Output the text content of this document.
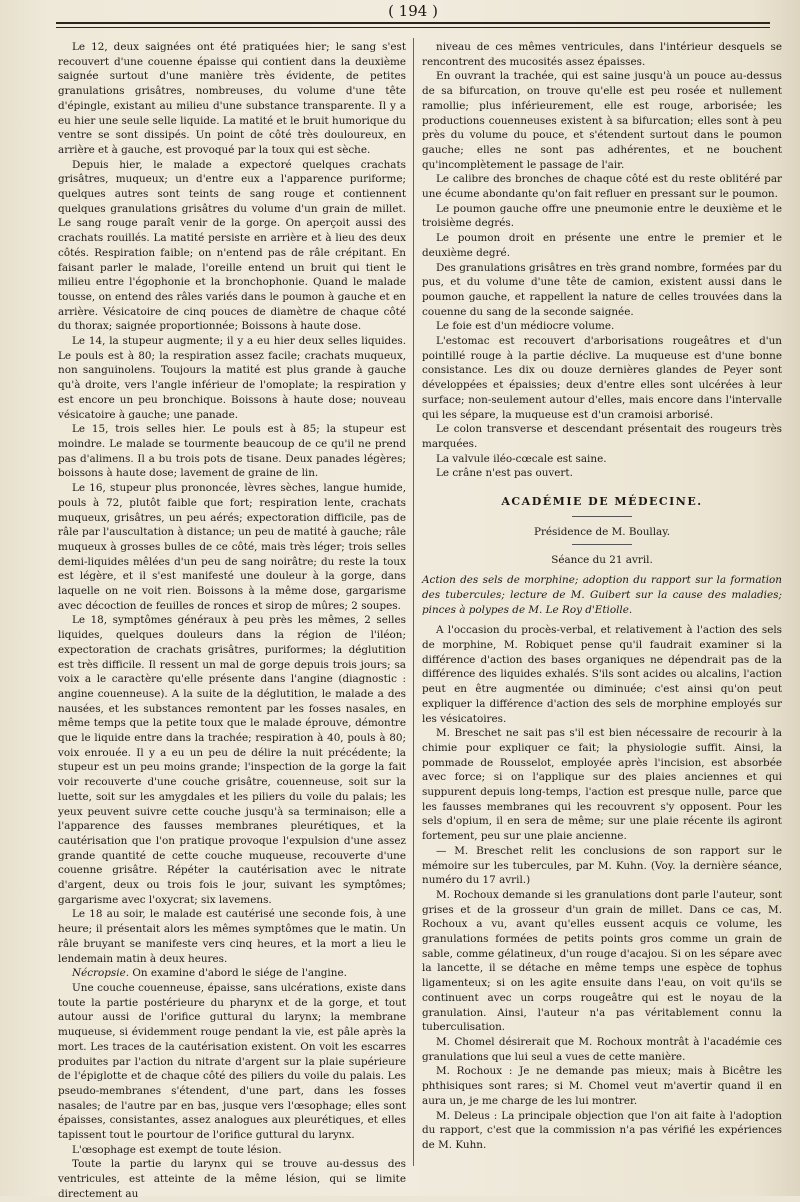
( 194 )

Le 12, deux saignées ont été pratiquées hier; le sang s'est recouvert d'une couenne épaisse qui contient dans la deuxième saignée surtout d'une manière très évidente, de petites granulations grisâtres, nombreuses, du volume d'une tête d'épingle, existant au milieu d'une substance transparente. Il y a eu hier une seule selle liquide. La matité et le bruit humorique du ventre se sont dissipés. Un point de côté très douloureux, en arrière et à gauche, est provoqué par la toux qui est sèche.

Depuis hier, le malade a expectoré quelques crachats grisâtres, muqueux; un d'entre eux a l'apparence puriforme; quelques autres sont teints de sang rouge et contiennent quelques granulations grisâtres du volume d'un grain de millet. Le sang rouge paraît venir de la gorge. On aperçoit aussi des crachats rouillés. La matité persiste en arrière et à lieu des deux côtés. Respiration faible; on n'entend pas de râle crépitant. En faisant parler le malade, l'oreille entend un bruit qui tient le milieu entre l'égophonie et la bronchophonie. Quand le malade tousse, on entend des râles variés dans le poumon à gauche et en arrière. Vésicatoire de cinq pouces de diamètre de chaque côté du thorax; saignée proportionnée; Boissons à haute dose.

Le 14, la stupeur augmente; il y a eu hier deux selles liquides. Le pouls est à 80; la respiration assez facile; crachats muqueux, non sanguinolens. Toujours la matité est plus grande à gauche qu'à droite, vers l'angle inférieur de l'omoplate; la respiration y est encore un peu bronchique. Boissons à haute dose; nouveau vésicatoire à gauche; une panade.

Le 15, trois selles hier. Le pouls est à 85; la stupeur est moindre. Le malade se tourmente beaucoup de ce qu'il ne prend pas d'alimens. Il a bu trois pots de tisane. Deux panades légères; boissons à haute dose; lavement de graine de lin.

Le 16, stupeur plus prononcée, lèvres sèches, langue humide, pouls à 72, plutôt faible que fort; respiration lente, crachats muqueux, grisâtres, un peu aérés; expectoration difficile, pas de râle par l'auscultation à distance; un peu de matité à gauche; râle muqueux à grosses bulles de ce côté, mais très léger; trois selles demi-liquides mêlées d'un peu de sang noirâtre; du reste la toux est légère, et il s'est manifesté une douleur à la gorge, dans laquelle on ne voit rien. Boissons à la même dose, gargarisme avec décoction de feuilles de ronces et sirop de mûres; 2 soupes.

Le 18, symptômes généraux à peu près les mêmes, 2 selles liquides, quelques douleurs dans la région de l'iléon; expectoration de crachats grisâtres, puriformes; la déglutition est très difficile. Il ressent un mal de gorge depuis trois jours; sa voix a le caractère qu'elle présente dans l'angine (diagnostic : angine couenneuse). A la suite de la déglutition, le malade a des nausées, et les substances remontent par les fosses nasales, en même temps que la petite toux que le malade éprouve, démontre que le liquide entre dans la trachée; respiration à 40, pouls à 80; voix enrouée. Il y a eu un peu de délire la nuit précédente; la stupeur est un peu moins grande; l'inspection de la gorge la fait voir recouverte d'une couche grisâtre, couenneuse, soit sur la luette, soit sur les amygdales et les piliers du voile du palais; les yeux peuvent suivre cette couche jusqu'à sa terminaison; elle a l'apparence des fausses membranes pleurétiques, et la cautérisation que l'on pratique provoque l'expulsion d'une assez grande quantité de cette couche muqueuse, recouverte d'une couenne grisâtre. Répéter la cautérisation avec le nitrate d'argent, deux ou trois fois le jour, suivant les symptômes; gargarisme avec l'oxycrat; six lavemens.

Le 18 au soir, le malade est cautérisé une seconde fois, à une heure; il présentait alors les mêmes symptômes que le matin. Un râle bruyant se manifeste vers cinq heures, et la mort a lieu le lendemain matin à deux heures.

Nécropsie. On examine d'abord le siége de l'angine.

Une couche couenneuse, épaisse, sans ulcérations, existe dans toute la partie postérieure du pharynx et de la gorge, et tout autour aussi de l'orifice guttural du larynx; la membrane muqueuse, si évidemment rouge pendant la vie, est pâle après la mort. Les traces de la cautérisation existent. On voit les escarres produites par l'action du nitrate d'argent sur la plaie supérieure de l'épiglotte et de chaque côté des piliers du voile du palais. Les pseudo-membranes s'étendent, d'une part, dans les fosses nasales; de l'autre par en bas, jusque vers l'œsophage; elles sont épaisses, consistantes, assez analogues aux pleurétiques, et elles tapissent tout le pourtour de l'orifice guttural du larynx.

L'œsophage est exempt de toute lésion.

Toute la partie du larynx qui se trouve au-dessus des ventricules, est atteinte de la même lésion, qui se limite directement au

niveau de ces mêmes ventricules, dans l'intérieur desquels se rencontrent des mucosités assez épaisses.

En ouvrant la trachée, qui est saine jusqu'à un pouce au-dessus de sa bifurcation, on trouve qu'elle est peu rosée et nullement ramollie; plus inférieurement, elle est rouge, arborisée; les productions couenneuses existent à sa bifurcation; elles sont à peu près du volume du pouce, et s'étendent surtout dans le poumon gauche; elles ne sont pas adhérentes, et ne bouchent qu'incomplètement le passage de l'air.

Le calibre des bronches de chaque côté est du reste oblitéré par une écume abondante qu'on fait refluer en pressant sur le poumon.

Le poumon gauche offre une pneumonie entre le deuxième et le troisième degrés.

Le poumon droit en présente une entre le premier et le deuxième degré.

Des granulations grisâtres en très grand nombre, formées par du pus, et du volume d'une tête de camion, existent aussi dans le poumon gauche, et rappellent la nature de celles trouvées dans la couenne du sang de la seconde saignée.

Le foie est d'un médiocre volume.

L'estomac est recouvert d'arborisations rougeâtres et d'un pointillé rouge à la partie déclive. La muqueuse est d'une bonne consistance. Les dix ou douze dernières glandes de Peyer sont développées et épaissies; deux d'entre elles sont ulcérées à leur surface; non-seulement autour d'elles, mais encore dans l'intervalle qui les sépare, la muqueuse est d'un cramoisi arborisé.

Le colon transverse et descendant présentait des rougeurs très marquées.

La valvule iléo-cœcale est saine.

Le crâne n'est pas ouvert.

ACADÉMIE DE MÉDECINE.

Présidence de M. Boullay.

Séance du 21 avril.

Action des sels de morphine; adoption du rapport sur la formation des tubercules; lecture de M. Guibert sur la cause des maladies; pinces à polypes de M. Le Roy d'Etiolle.

A l'occasion du procès-verbal, et relativement à l'action des sels de morphine, M. Robiquet pense qu'il faudrait examiner si la différence d'action des bases organiques ne dépendrait pas de la différence des liquides exhalés. S'ils sont acides ou alcalins, l'action peut en être augmentée ou diminuée; c'est ainsi qu'on peut expliquer la différence d'action des sels de morphine employés sur les vésicatoires.

M. Breschet ne sait pas s'il est bien nécessaire de recourir à la chimie pour expliquer ce fait; la physiologie suffit. Ainsi, la pommade de Rousselot, employée après l'incision, est absorbée avec force; si on l'applique sur des plaies anciennes et qui suppurent depuis long-temps, l'action est presque nulle, parce que les fausses membranes qui les recouvrent s'y opposent. Pour les sels d'opium, il en sera de même; sur une plaie récente ils agiront fortement, peu sur une plaie ancienne.

— M. Breschet relit les conclusions de son rapport sur le mémoire sur les tubercules, par M. Kuhn. (Voy. la dernière séance, numéro du 17 avril.)

M. Rochoux demande si les granulations dont parle l'auteur, sont grises et de la grosseur d'un grain de millet. Dans ce cas, M. Rochoux a vu, avant qu'elles eussent acquis ce volume, les granulations formées de petits points gros comme un grain de sable, comme gélatineux, d'un rouge d'acajou. Si on les sépare avec la lancette, il se détache en même temps une espèce de tophus ligamenteux; si on les agite ensuite dans l'eau, on voit qu'ils se continuent avec un corps rougeâtre qui est le noyau de la granulation. Ainsi, l'auteur n'a pas véritablement connu la tuberculisation.

M. Chomel désirerait que M. Rochoux montrât à l'académie ces granulations que lui seul a vues de cette manière.

M. Rochoux : Je ne demande pas mieux; mais à Bicêtre les phthisiques sont rares; si M. Chomel veut m'avertir quand il en aura un, je me charge de les lui montrer.

M. Deleus : La principale objection que l'on ait faite à l'adoption du rapport, c'est que la commission n'a pas vérifié les expériences de M. Kuhn.
